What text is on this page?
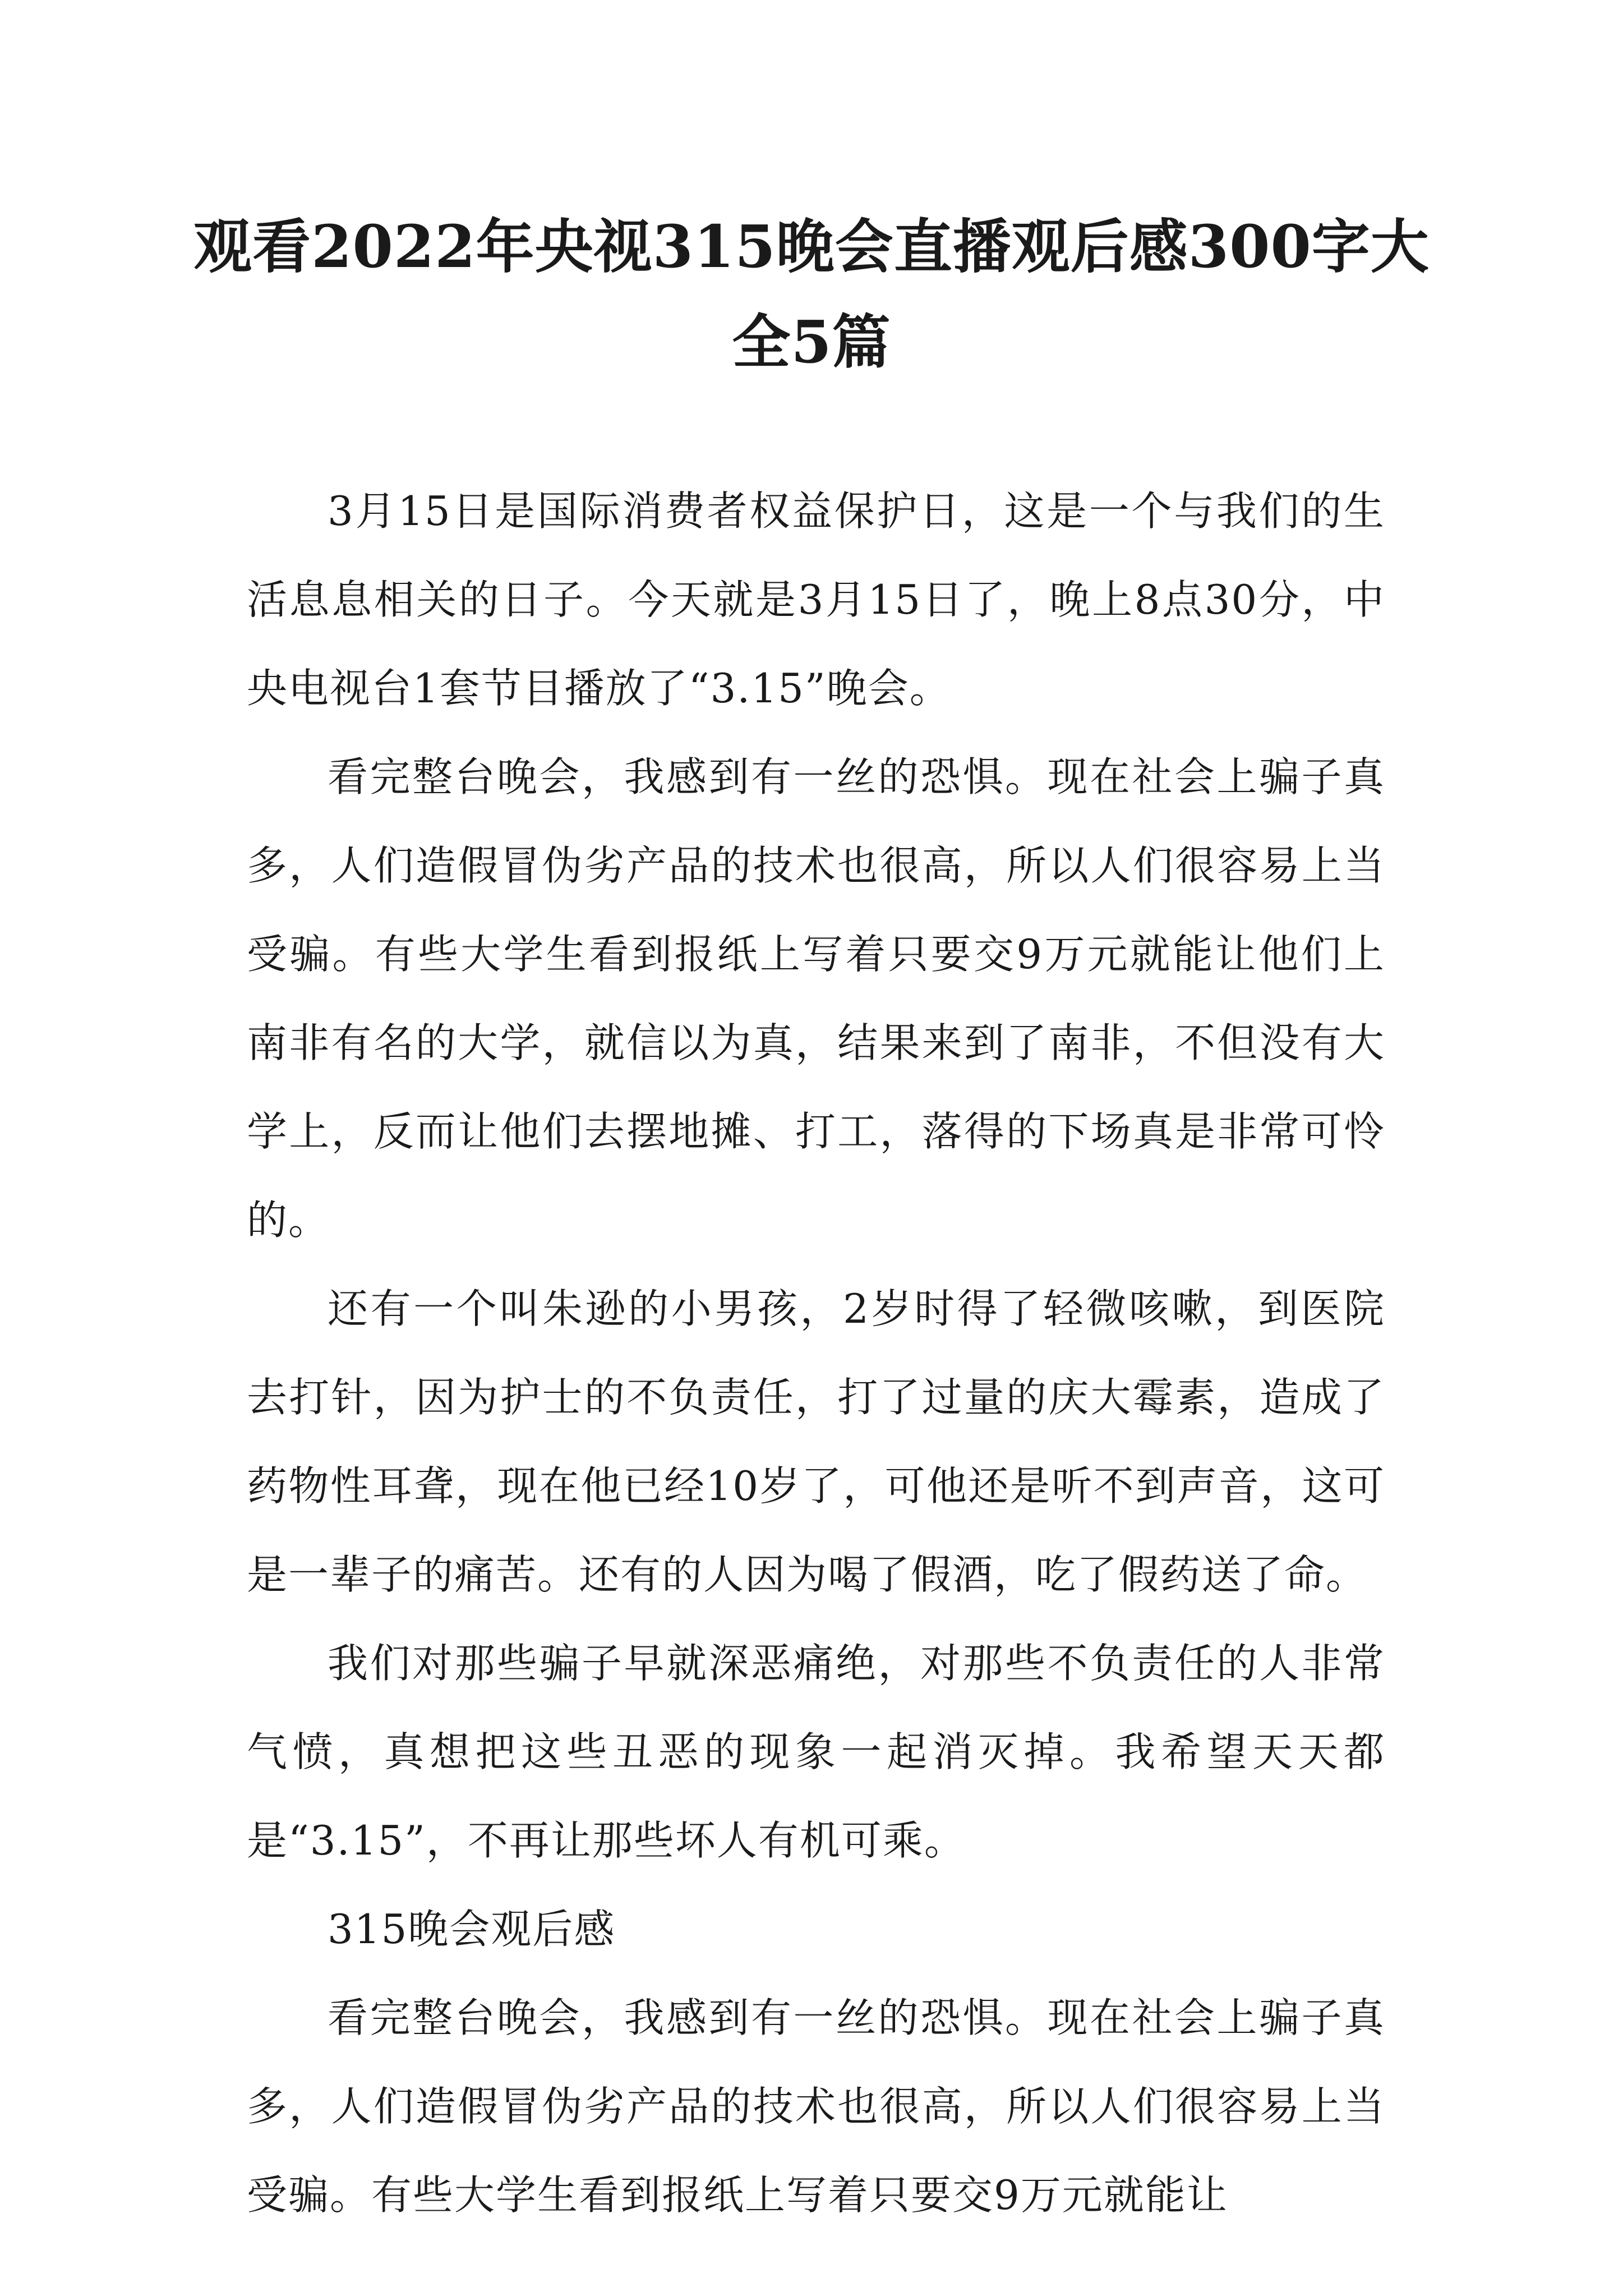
观看2022年央视315晚会直播观后感300字大全5篇

3月15日是国际消费者权益保护日，这是一个与我们的生活息息相关的日子。今天就是3月15日了，晚上8点30分，中央电视台1套节目播放了“3.15”晚会。

看完整台晚会，我感到有一丝的恐惧。现在社会上骗子真多，人们造假冒伪劣产品的技术也很高，所以人们很容易上当受骗。有些大学生看到报纸上写着只要交9万元就能让他们上南非有名的大学，就信以为真，结果来到了南非，不但没有大学上，反而让他们去摆地摊、打工，落得的下场真是非常可怜的。

还有一个叫朱逊的小男孩，2岁时得了轻微咳嗽，到医院去打针，因为护士的不负责任，打了过量的庆大霉素，造成了药物性耳聋，现在他已经10岁了，可他还是听不到声音，这可是一辈子的痛苦。还有的人因为喝了假酒，吃了假药送了命。

我们对那些骗子早就深恶痛绝，对那些不负责任的人非常气愤，真想把这些丑恶的现象一起消灭掉。我希望天天都是“3.15”，不再让那些坏人有机可乘。

315晚会观后感

看完整台晚会，我感到有一丝的恐惧。现在社会上骗子真多，人们造假冒伪劣产品的技术也很高，所以人们很容易上当受骗。有些大学生看到报纸上写着只要交9万元就能让
